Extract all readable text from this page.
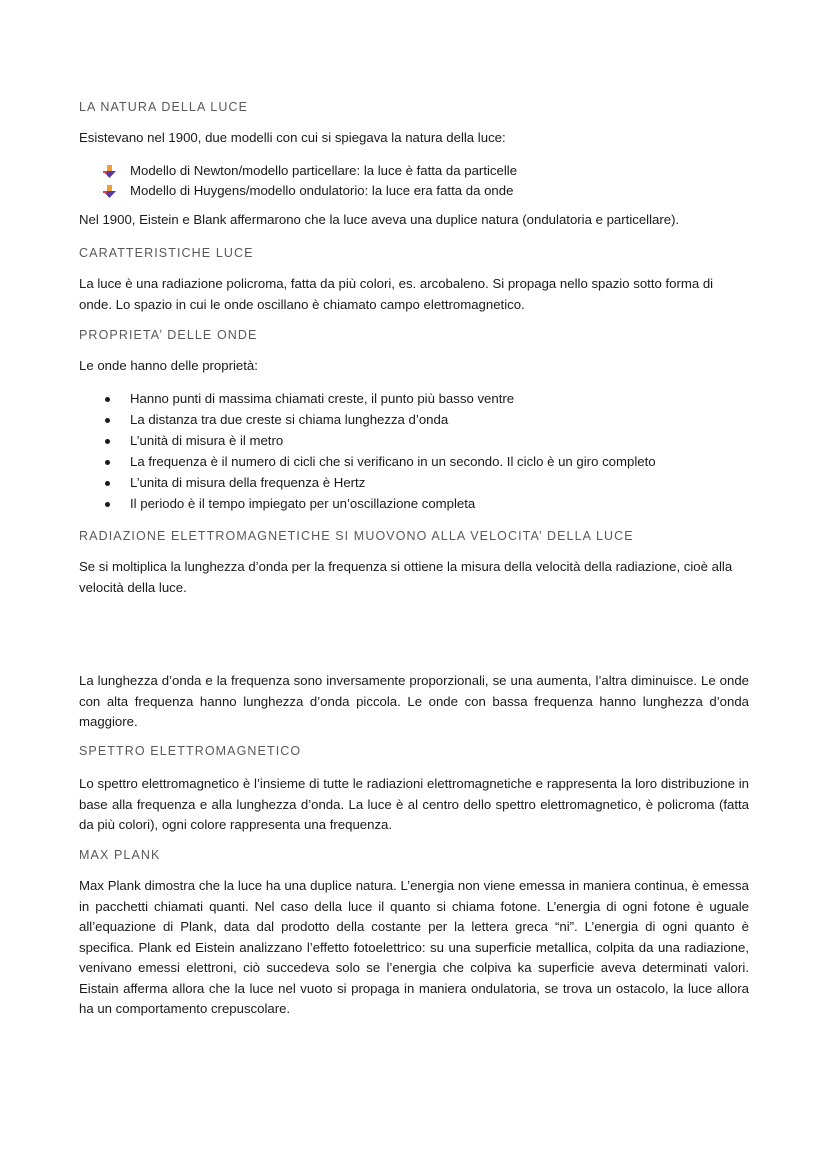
LA NATURA DELLA LUCE
Esistevano nel 1900, due modelli con cui si spiegava la natura della luce:
Modello di Newton/modello particellare: la luce è fatta da particelle
Modello di Huygens/modello ondulatorio: la luce era fatta da onde
Nel 1900, Eistein e Blank affermarono che la luce aveva una duplice natura (ondulatoria e particellare).
CARATTERISTICHE LUCE
La luce è una radiazione policroma, fatta da più colori, es. arcobaleno. Si propaga nello spazio sotto forma di onde. Lo spazio in cui le onde oscillano è chiamato campo elettromagnetico.
PROPRIETA’ DELLE ONDE
Le onde hanno delle proprietà:
Hanno punti di massima chiamati creste, il punto più basso ventre
La distanza tra due creste si chiama lunghezza d’onda
L’unità di misura è il metro
La frequenza è il numero di cicli che si verificano in un secondo. Il ciclo è un giro completo
L’unita di misura della frequenza è Hertz
Il periodo è il tempo impiegato per un’oscillazione completa
RADIAZIONE ELETTROMAGNETICHE SI MUOVONO ALLA VELOCITA’ DELLA LUCE
Se si moltiplica la lunghezza d’onda per la frequenza si ottiene la misura della velocità della radiazione, cioè alla velocità della luce.
La lunghezza d’onda e la frequenza sono inversamente proporzionali, se una aumenta, l’altra diminuisce. Le onde con alta frequenza hanno lunghezza d’onda piccola. Le onde con bassa frequenza hanno lunghezza d’onda maggiore.
SPETTRO ELETTROMAGNETICO
Lo spettro elettromagnetico è l’insieme di tutte le radiazioni elettromagnetiche e rappresenta la loro distribuzione in base alla frequenza e alla lunghezza d’onda. La luce è al centro dello spettro elettromagnetico, è policroma (fatta da più colori), ogni colore rappresenta una frequenza.
MAX PLANK
Max Plank dimostra che la luce ha una duplice natura. L’energia non viene emessa in maniera continua, è emessa in pacchetti chiamati quanti. Nel caso della luce il quanto si chiama fotone. L’energia di ogni fotone è uguale all’equazione di Plank, data dal prodotto della costante per la lettera greca “ni”. L’energia di ogni quanto è specifica. Plank ed Eistein analizzano l’effetto fotoelettrico: su una superficie metallica, colpita da una radiazione, venivano emessi elettroni, ciò succedeva solo se l’energia che colpiva ka superficie aveva determinati valori. Eistain afferma allora che la luce nel vuoto si propaga in maniera ondulatoria, se trova un ostacolo, la luce allora ha un comportamento crepuscolare.
